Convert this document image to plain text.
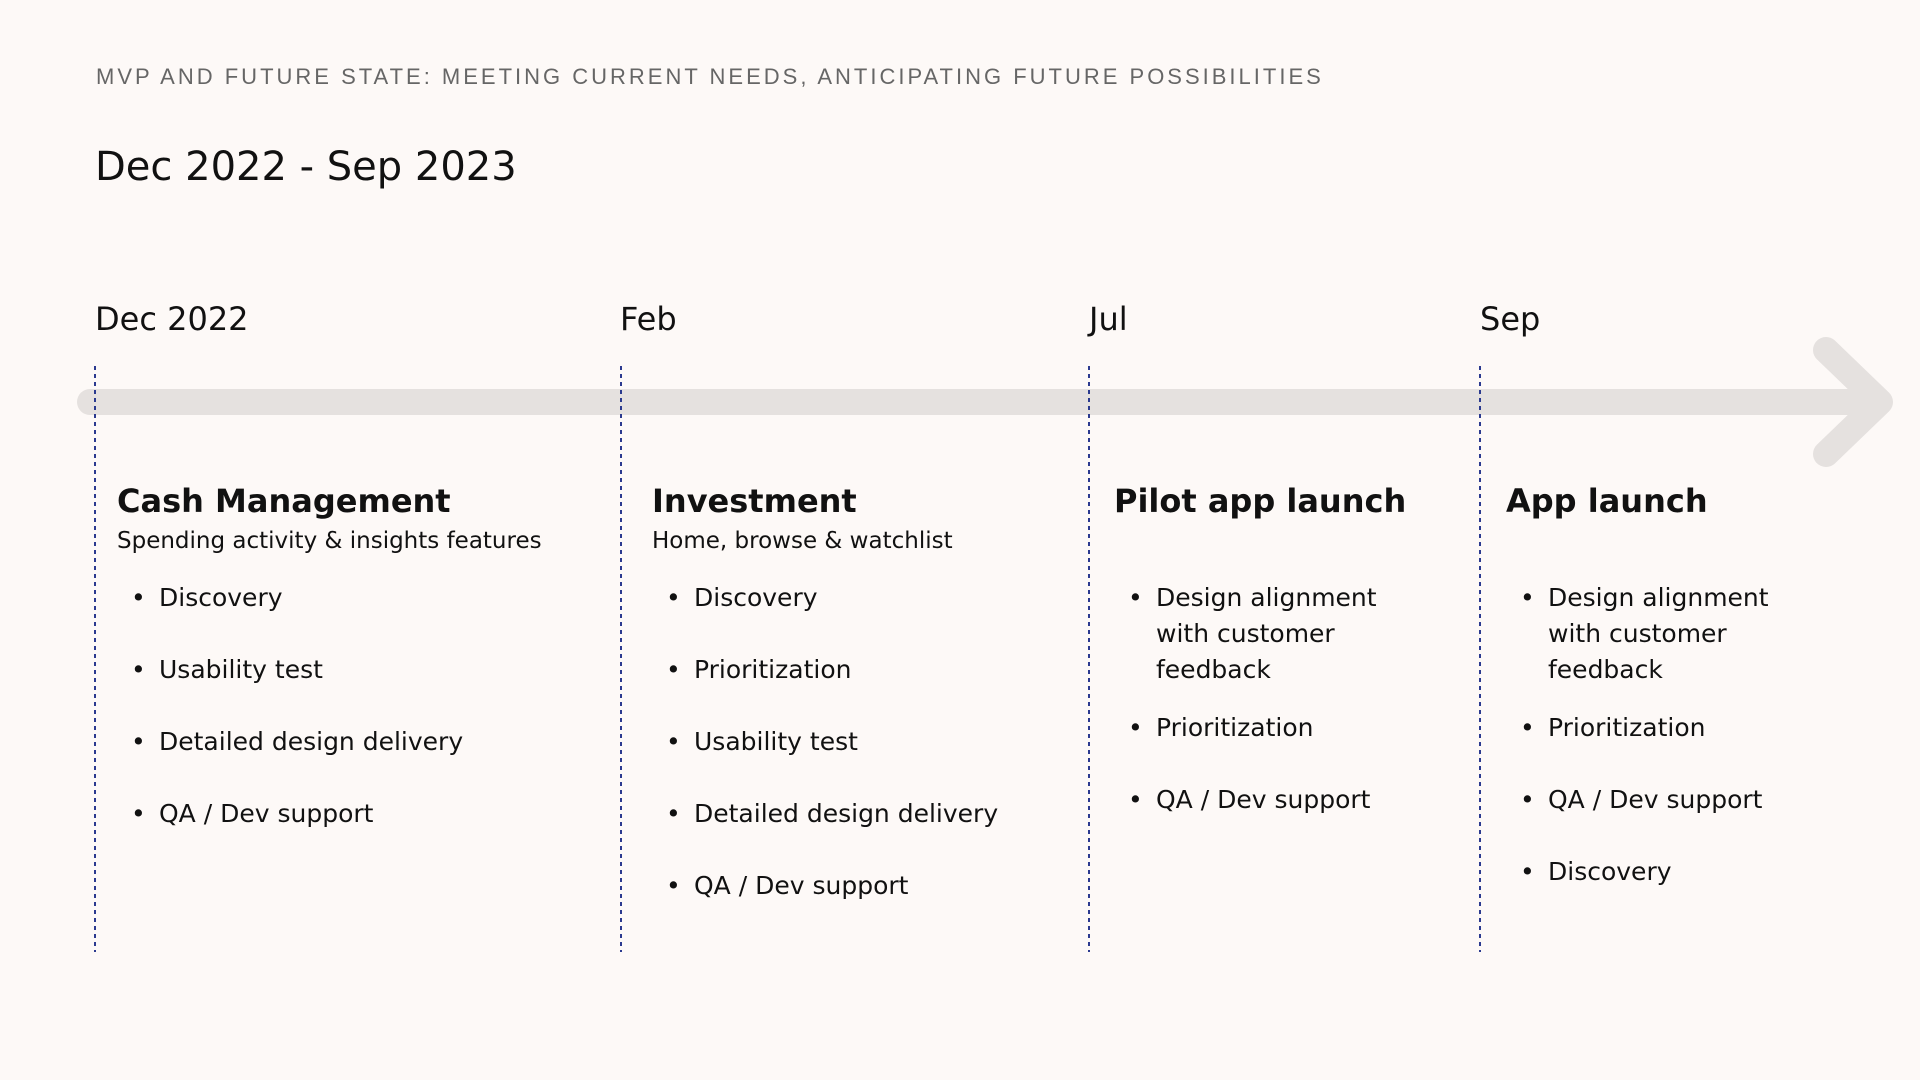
MVP AND FUTURE STATE: MEETING CURRENT NEEDS, ANTICIPATING FUTURE POSSIBILITIES
Dec 2022 - Sep 2023
Dec 2022	Feb	Jul	Sep
Cash Management
Spending activity & insights features
• Discovery
• Usability test
• Detailed design delivery
• QA / Dev support
Investment
Home, browse & watchlist
• Discovery
• Prioritization
• Usability test
• Detailed design delivery
• QA / Dev support
Pilot app launch
• Design alignment with customer feedback
• Prioritization
• QA / Dev support
App launch
• Design alignment with customer feedback
• Prioritization
• QA / Dev support
• Discovery
